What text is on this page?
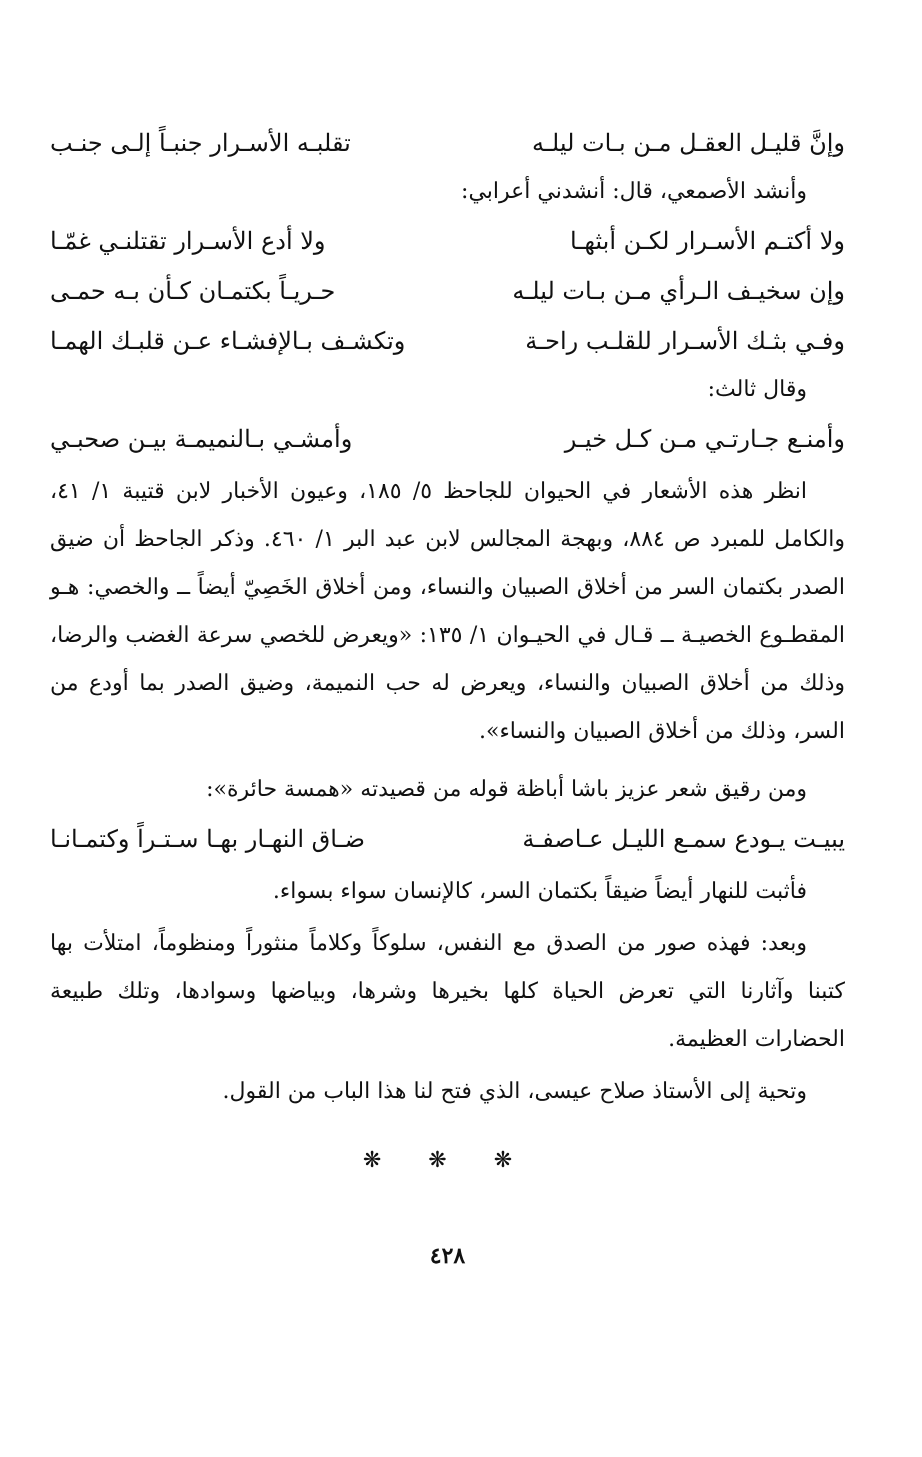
وإنَّ قليـل العقـل مـن بـات ليلـه
تقلبـه الأسـرار جنبـاً إلـى جنـب
وأنشد الأصمعي، قال: أنشدني أعرابي:
ولا أكتـم الأسـرار لكـن أبثهـا
ولا أدع الأسـرار تقتلنـي غمّـا
وإن سخيـف الـرأي مـن بـات ليلـه
حـريـاً بكتمـان كـأن بـه حمـى
وفـي بثـك الأسـرار للقلـب راحـة
وتكشـف بـالإفشـاء عـن قلبـك الهمـا
وقال ثالث:
وأمنـع جـارتـي مـن كـل خيـر
وأمشـي بـالنميمـة بيـن صحبـي
انظر هذه الأشعار في الحيوان للجاحظ ٥/ ١٨٥، وعيون الأخبار لابن قتيبة ١/ ٤١، والكامل للمبرد ص ٨٨٤، وبهجة المجالس لابن عبد البر ١/ ٤٦٠. وذكر الجاحظ أن ضيق الصدر بكتمان السر من أخلاق الصبيان والنساء، ومن أخلاق الخَصِيّ أيضاً ــ والخصي: هـو المقطـوع الخصيـة ــ قـال في الحيـوان ١/ ١٣٥: «ويعرض للخصي سرعة الغضب والرضا، وذلك من أخلاق الصبيان والنساء، ويعرض له حب النميمة، وضيق الصدر بما أودع من السر، وذلك من أخلاق الصبيان والنساء».
ومن رقيق شعر عزيز باشا أباظة قوله من قصيدته «همسة حائرة»:
يبيـت يـودع سمـع الليـل عـاصفـة
ضـاق النهـار بهـا سـتـراً وكتمـانـا
فأثبت للنهار أيضاً ضيقاً بكتمان السر، كالإنسان سواء بسواء.
وبعد: فهذه صور من الصدق مع النفس، سلوكاً وكلاماً منثوراً ومنظوماً، امتلأت بها كتبنا وآثارنا التي تعرض الحياة كلها بخيرها وشرها، وبياضها وسوادها، وتلك طبيعة الحضارات العظيمة.
وتحية إلى الأستاذ صلاح عيسى، الذي فتح لنا هذا الباب من القول.
❋ ❋ ❋
٤٢٨
